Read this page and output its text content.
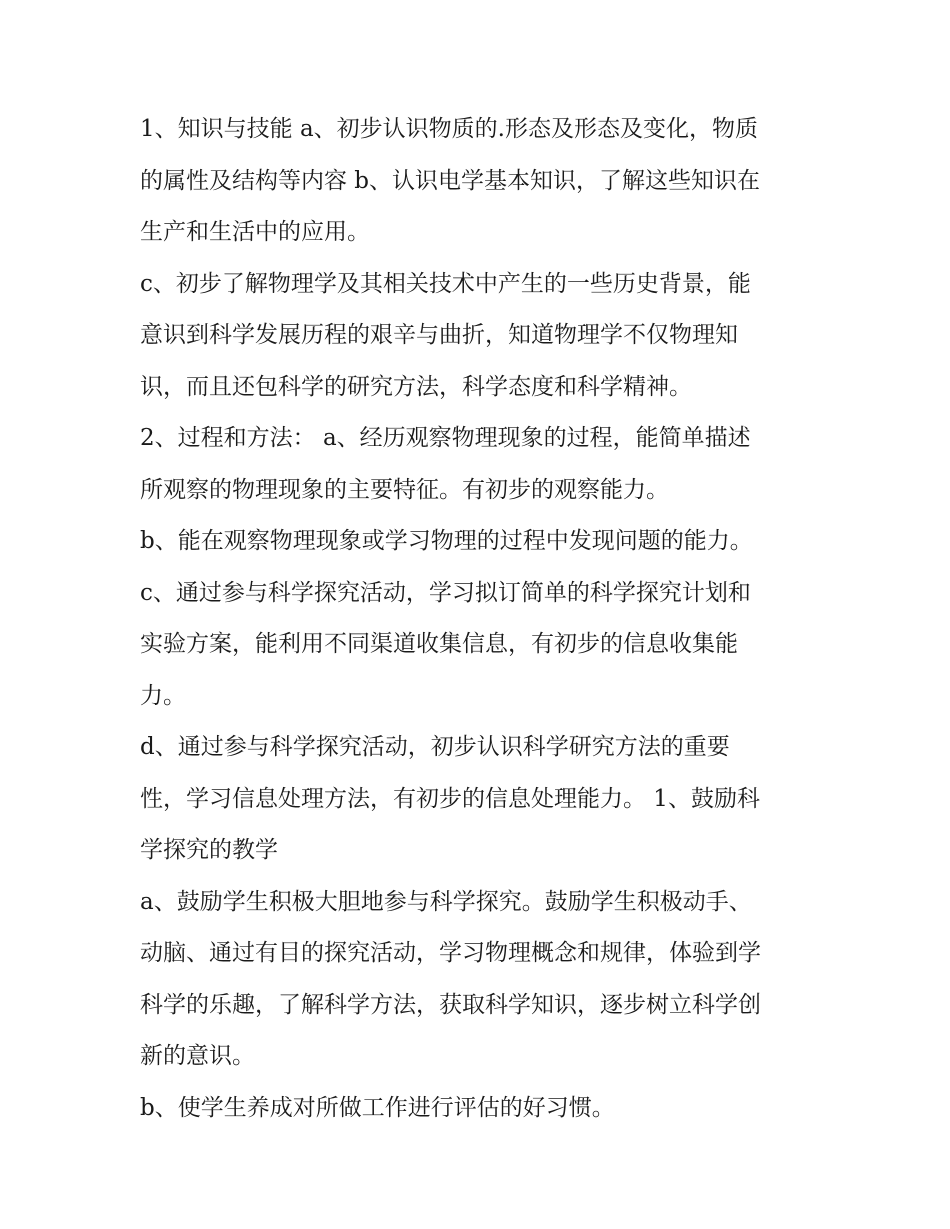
1、知识与技能 a、初步认识物质的.形态及形态及变化，物质
的属性及结构等内容 b、认识电学基本知识，了解这些知识在
生产和生活中的应用。
c、初步了解物理学及其相关技术中产生的一些历史背景，能
意识到科学发展历程的艰辛与曲折，知道物理学不仅物理知
识，而且还包科学的研究方法，科学态度和科学精神。
2、过程和方法： a、经历观察物理现象的过程，能简单描述
所观察的物理现象的主要特征。有初步的观察能力。
b、能在观察物理现象或学习物理的过程中发现问题的能力。
c、通过参与科学探究活动，学习拟订简单的科学探究计划和
实验方案，能利用不同渠道收集信息，有初步的信息收集能
力。
d、通过参与科学探究活动，初步认识科学研究方法的重要
性，学习信息处理方法，有初步的信息处理能力。 1、鼓励科
学探究的教学
a、鼓励学生积极大胆地参与科学探究。鼓励学生积极动手、
动脑、通过有目的探究活动，学习物理概念和规律，体验到学
科学的乐趣，了解科学方法，获取科学知识，逐步树立科学创
新的意识。
b、使学生养成对所做工作进行评估的好习惯。
